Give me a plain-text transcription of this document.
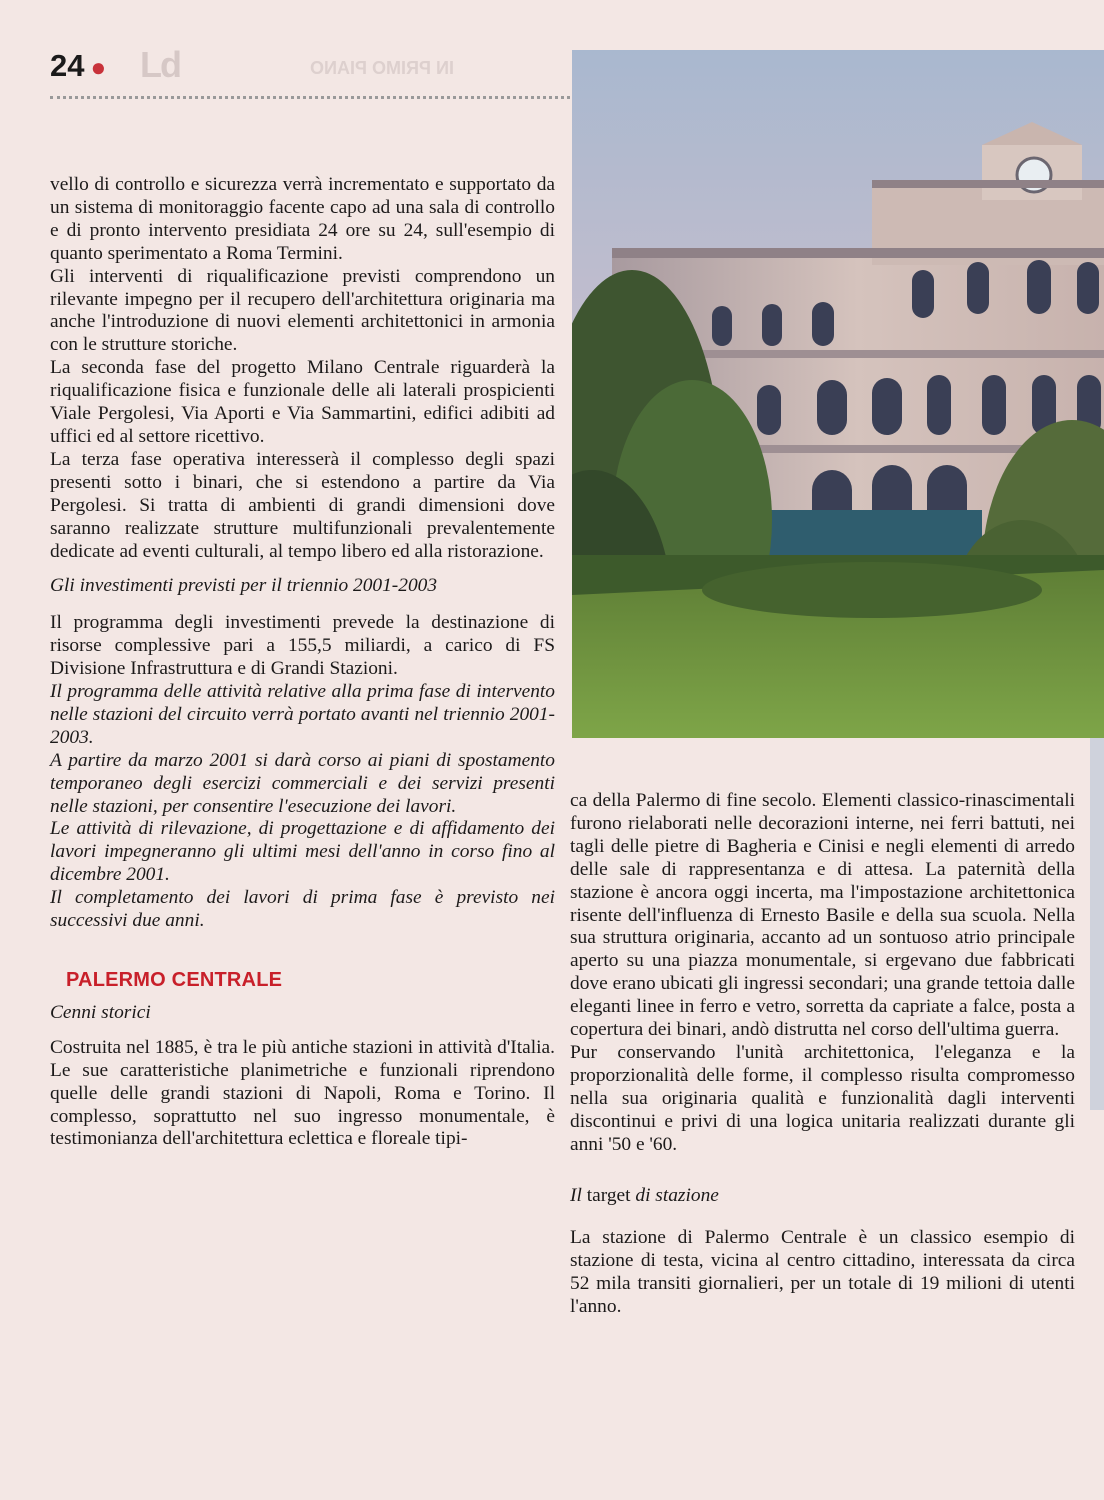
24 ● Ld	IN PRIMO PIANO

vello di controllo e sicurezza verrà incrementato e supportato da un sistema di monitoraggio facente capo ad una sala di controllo e di pronto intervento presidiata 24 ore su 24, sull'esempio di quanto sperimentato a Roma Termini.

Gli interventi di riqualificazione previsti comprendono un rilevante impegno per il recupero dell'architettura originaria ma anche l'introduzione di nuovi elementi architettonici in armonia con le strutture storiche.

La seconda fase del progetto Milano Centrale riguarderà la riqualificazione fisica e funzionale delle ali laterali prospicienti Viale Pergolesi, Via Aporti e Via Sammartini, edifici adibiti ad uffici ed al settore ricettivo.

La terza fase operativa interesserà il complesso degli spazi presenti sotto i binari, che si estendono a partire da Via Pergolesi. Si tratta di ambienti di grandi dimensioni dove saranno realizzate strutture multifunzionali prevalentemente dedicate ad eventi culturali, al tempo libero ed alla ristorazione.

Gli investimenti previsti per il triennio 2001-2003

Il programma degli investimenti prevede la destinazione di risorse complessive pari a 155,5 miliardi, a carico di FS Divisione Infrastruttura e di Grandi Stazioni.

Il programma delle attività relative alla prima fase di intervento nelle stazioni del circuito verrà portato avanti nel triennio 2001-2003.

A partire da marzo 2001 si darà corso ai piani di spostamento temporaneo degli esercizi commerciali e dei servizi presenti nelle stazioni, per consentire l'esecuzione dei lavori.

Le attività di rilevazione, di progettazione e di affidamento dei lavori impegneranno gli ultimi mesi dell'anno in corso fino al dicembre 2001.

Il completamento dei lavori di prima fase è previsto nei successivi due anni.

PALERMO CENTRALE

Cenni storici

Costruita nel 1885, è tra le più antiche stazioni in attività d'Italia. Le sue caratteristiche planimetriche e funzionali riprendono quelle delle grandi stazioni di Napoli, Roma e Torino. Il complesso, soprattutto nel suo ingresso monumentale, è testimonianza dell'architettura eclettica e floreale tipi-

ca della Palermo di fine secolo. Elementi classico-rinascimentali furono rielaborati nelle decorazioni interne, nei ferri battuti, nei tagli delle pietre di Bagheria e Cinisi e negli elementi di arredo delle sale di rappresentanza e di attesa. La paternità della stazione è ancora oggi incerta, ma l'impostazione architettonica risente dell'influenza di Ernesto Basile e della sua scuola. Nella sua struttura originaria, accanto ad un sontuoso atrio principale aperto su una piazza monumentale, si ergevano due fabbricati dove erano ubicati gli ingressi secondari; una grande tettoia dalle eleganti linee in ferro e vetro, sorretta da capriate a falce, posta a copertura dei binari, andò distrutta nel corso dell'ultima guerra.

Pur conservando l'unità architettonica, l'eleganza e la proporzionalità delle forme, il complesso risulta compromesso nella sua originaria qualità e funzionalità dagli interventi discontinui e privi di una logica unitaria realizzati durante gli anni '50 e '60.

Il target di stazione

La stazione di Palermo Centrale è un classico esempio di stazione di testa, vicina al centro cittadino, interessata da circa 52 mila transiti giornalieri, per un totale di 19 milioni di utenti l'anno.
